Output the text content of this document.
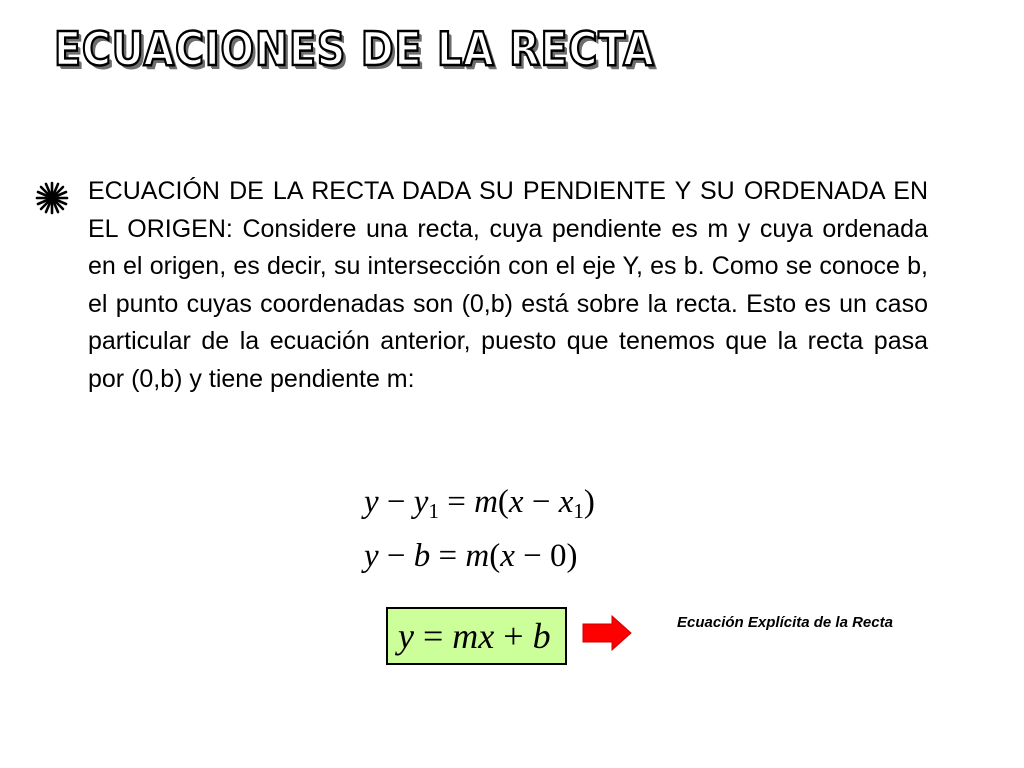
ECUACIONES DE LA RECTA
ECUACIÓN DE LA RECTA DADA SU PENDIENTE Y SU ORDENADA EN EL ORIGEN: Considere una recta, cuya pendiente es m y cuya ordenada en el origen, es decir, su intersección con el eje Y, es b. Como se conoce b, el punto cuyas coordenadas son (0,b) está sobre la recta. Esto es un caso particular de la ecuación anterior, puesto que tenemos que la recta pasa por (0,b) y tiene pendiente m:
$y - y_1 = m(x - x_1)$
y − b = m(x − 0)
y = mx + b	Ecuación Explícita de la Recta
